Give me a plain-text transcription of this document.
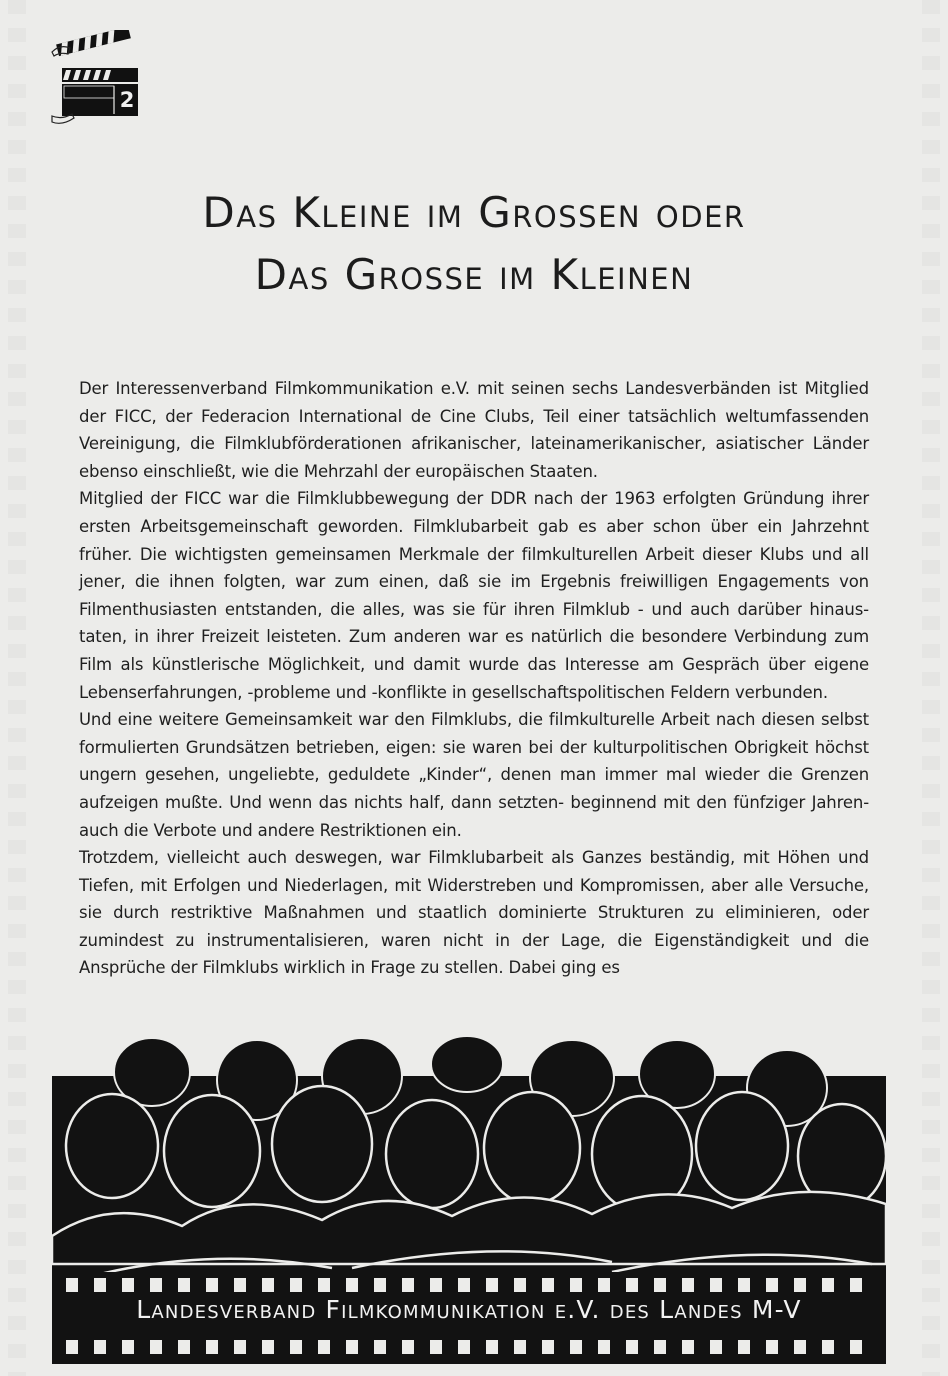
2
Das Kleine im Grossen oder
Das Grosse im Kleinen

Der Interessenverband Filmkommunikation e.V. mit seinen sechs Landesverbänden ist Mitglied der FICC, der Federacion International de Cine Clubs, Teil einer tatsächlich weltumfassenden Vereinigung, die Filmklubförderationen afrikanischer, lateinamerikanischer, asiatischer Länder ebenso einschließt, wie die Mehrzahl der europäischen Staaten.

Mitglied der FICC war die Filmklubbewegung der DDR nach der 1963 erfolgten Gründung ihrer ersten Arbeitsgemeinschaft geworden. Filmklubarbeit gab es aber schon über ein Jahrzehnt früher. Die wichtigsten gemeinsamen Merkmale der filmkulturellen Arbeit dieser Klubs und all jener, die ihnen folgten, war zum einen, daß sie im Ergebnis freiwilligen Engagements von Filmenthusiasten entstanden, die alles, was sie für ihren Filmklub - und auch darüber hinaus- taten, in ihrer Freizeit leisteten. Zum anderen war es natürlich die besondere Verbindung zum Film als künstlerische Möglichkeit, und damit wurde das Interesse am Gespräch über eigene Lebenserfahrungen, -probleme und -konflikte in gesellschaftspolitischen Feldern verbunden.

Und eine weitere Gemeinsamkeit war den Filmklubs, die filmkulturelle Arbeit nach diesen selbst formulierten Grundsätzen betrieben, eigen: sie waren bei der kulturpolitischen Obrigkeit höchst ungern gesehen, ungeliebte, geduldete „Kinder“, denen man immer mal wieder die Grenzen aufzeigen mußte. Und wenn das nichts half, dann setzten- beginnend mit den fünfziger Jahren- auch die Verbote und andere Restriktionen ein.

Trotzdem, vielleicht auch deswegen, war Filmklubarbeit als Ganzes beständig, mit Höhen und Tiefen, mit Erfolgen und Niederlagen, mit Widerstreben und Kompromissen, aber alle Versuche, sie durch restriktive Maßnahmen und staatlich dominierte Strukturen zu eliminieren, oder zumindest zu instrumentalisieren, waren nicht in der Lage, die Eigenständigkeit und die Ansprüche der Filmklubs wirklich in Frage zu stellen. Dabei ging es

Landesverband Filmkommunikation e.V. des Landes M-V
